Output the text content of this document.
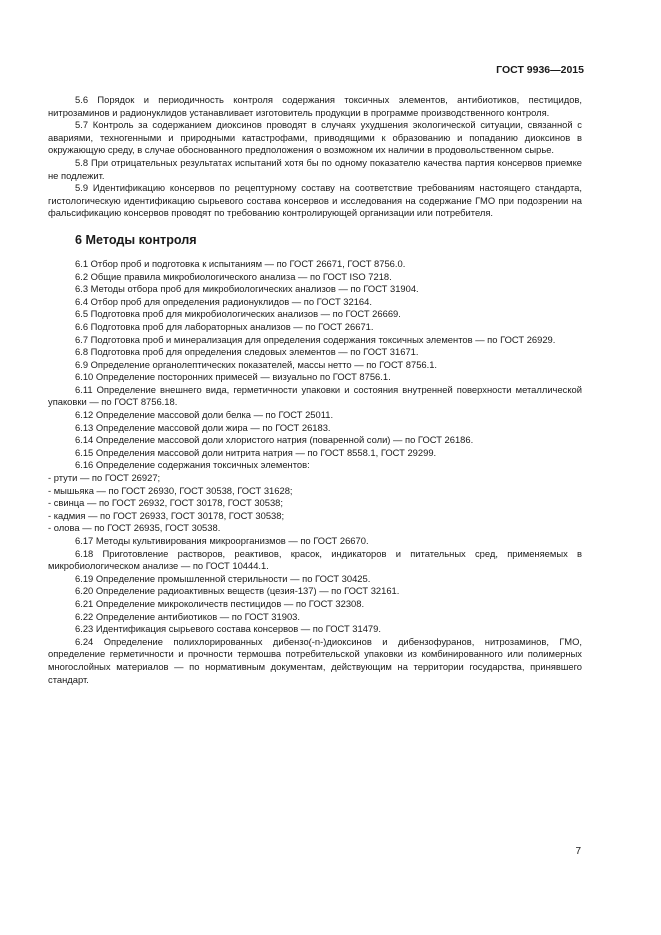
ГОСТ 9936—2015

5.6 Порядок и периодичность контроля содержания токсичных элементов, антибиотиков, пестицидов, нитрозаминов и радионуклидов устанавливает изготовитель продукции в программе производственного контроля.

5.7 Контроль за содержанием диоксинов проводят в случаях ухудшения экологической ситуации, связанной с авариями, техногенными и природными катастрофами, приводящими к образованию и попаданию диоксинов в окружающую среду, в случае обоснованного предположения о возможном их наличии в продовольственном сырье.

5.8 При отрицательных результатах испытаний хотя бы по одному показателю качества партия консервов приемке не подлежит.

5.9 Идентификацию консервов по рецептурному составу на соответствие требованиям настоящего стандарта, гистологическую идентификацию сырьевого состава консервов и исследования на содержание ГМО при подозрении на фальсификацию консервов проводят по требованию контролирующей организации или потребителя.

6 Методы контроля

6.1 Отбор проб и подготовка к испытаниям — по ГОСТ 26671, ГОСТ 8756.0.

6.2 Общие правила микробиологического анализа — по ГОСТ ISO 7218.

6.3 Методы отбора проб для микробиологических анализов — по ГОСТ 31904.

6.4 Отбор проб для определения радионуклидов — по ГОСТ 32164.

6.5 Подготовка проб для микробиологических анализов — по ГОСТ 26669.

6.6 Подготовка проб для лабораторных анализов — по ГОСТ 26671.

6.7 Подготовка проб и минерализация для определения содержания токсичных элементов — по ГОСТ 26929.

6.8 Подготовка проб для определения следовых элементов — по ГОСТ 31671.

6.9 Определение органолептических показателей, массы нетто — по ГОСТ 8756.1.

6.10 Определение посторонних примесей — визуально по ГОСТ 8756.1.

6.11 Определение внешнего вида, герметичности упаковки и состояния внутренней поверхности металлической упаковки — по ГОСТ 8756.18.

6.12 Определение массовой доли белка — по ГОСТ 25011.

6.13 Определение массовой доли жира — по ГОСТ 26183.

6.14 Определение массовой доли хлористого натрия (поваренной соли) — по ГОСТ 26186.

6.15 Определения массовой доли нитрита натрия — по ГОСТ 8558.1, ГОСТ 29299.

6.16 Определение содержания токсичных элементов:

- ртути — по ГОСТ 26927;

- мышьяка — по ГОСТ 26930, ГОСТ 30538, ГОСТ 31628;

- свинца — по ГОСТ 26932, ГОСТ 30178, ГОСТ 30538;

- кадмия — по ГОСТ 26933, ГОСТ 30178, ГОСТ 30538;

- олова — по ГОСТ 26935, ГОСТ 30538.

6.17 Методы культивирования микроорганизмов — по ГОСТ 26670.

6.18 Приготовление растворов, реактивов, красок, индикаторов и питательных сред, применяемых в микробиологическом анализе — по ГОСТ 10444.1.

6.19 Определение промышленной стерильности — по ГОСТ 30425.

6.20 Определение радиоактивных веществ (цезия-137) — по ГОСТ 32161.

6.21 Определение микроколичеств пестицидов — по ГОСТ 32308.

6.22 Определение антибиотиков — по ГОСТ 31903.

6.23 Идентификация сырьевого состава консервов — по ГОСТ 31479.

6.24 Определение полихлорированных дибензо(-n-)диоксинов и дибензофуранов, нитрозаминов, ГМО, определение герметичности и прочности термошва потребительской упаковки из комбинированного или полимерных многослойных материалов — по нормативным документам, действующим на территории государства, принявшего стандарт.

7
